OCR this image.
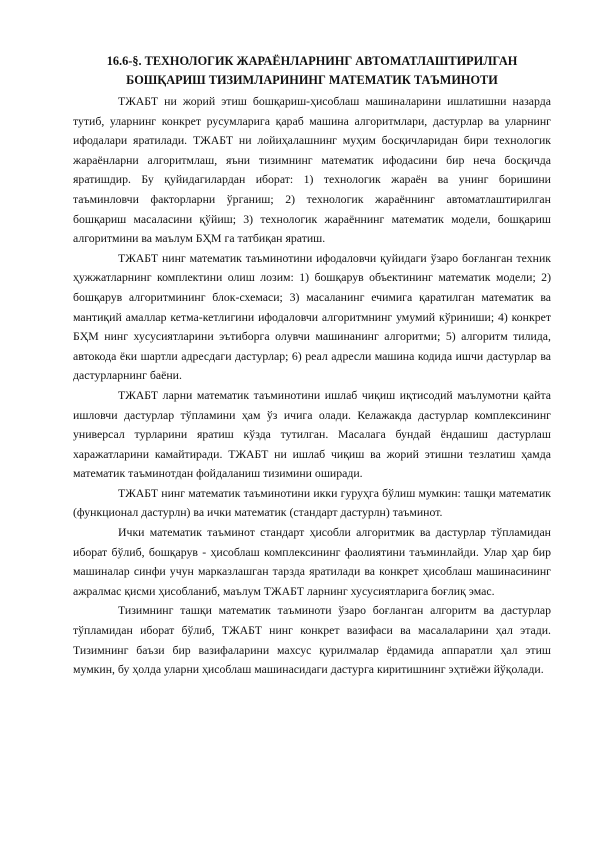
16.6-§. ТЕХНОЛОГИК ЖАРАЁНЛАРНИНГ АВТОМАТЛАШТИРИЛГАН
БОШҚАРИШ ТИЗИМЛАРИНИНГ МАТЕМАТИК ТАЪМИНОТИ

ТЖАБТ ни жорий этиш бошқариш-ҳисоблаш машиналарини ишлатишни назарда тутиб, уларнинг конкрет русумларига қараб машина алгоритмлари, дастурлар ва уларнинг ифодалари яратилади. ТЖАБТ ни лойиҳалашнинг муҳим босқичларидан бири технологик жараёнларни алгоритмлаш, яъни тизимнинг математик ифодасини бир неча босқичда яратишдир. Бу қуйидагилардан иборат: 1) технологик жараён ва унинг боришини таъминловчи факторларни ўрганиш; 2) технологик жараённинг автоматлаштирилган бошқариш масаласини қўйиш; 3) технологик жараённинг математик модели, бошқариш алгоритмини ва маълум БҲМ га татбиқан яратиш.

ТЖАБТ нинг математик таъминотини ифодаловчи қуйидаги ўзаро боғланган техник ҳужжатларнинг комплектини олиш лозим: 1) бошқарув объектининг математик модели; 2) бошқарув алгоритмининг блок-схемаси; 3) масаланинг ечимига қаратилган математик ва мантиқий амаллар кетма-кетлигини ифодаловчи алгоритмнинг умумий кўриниши; 4) конкрет БҲМ нинг хусусиятларини эътиборга олувчи машинанинг алгоритми; 5) алгоритм тилида, автокода ёки шартли адресдаги дастурлар; 6) реал адресли машина кодида ишчи дастурлар ва дастурларнинг баёни.

ТЖАБТ ларни математик таъминотини ишлаб чиқиш иқтисодий маълумотни қайта ишловчи дастурлар тўпламини ҳам ўз ичига олади. Келажакда дастурлар комплексининг универсал турларини яратиш кўзда тутилган. Масалага бундай ёндашиш дастурлаш харажатларини камайтиради. ТЖАБТ ни ишлаб чиқиш ва жорий этишни тезлатиш ҳамда математик таъминотдан фойдаланиш тизимини оширади.

ТЖАБТ нинг математик таъминотини икки гуруҳга бўлиш мумкин: ташқи математик (функционал дастурлн) ва ички математик (стандарт дастурлн) таъминот.

Ички математик таъминот стандарт ҳисобли алгоритмик ва дастурлар тўпламидан иборат бўлиб, бошқарув - ҳисоблаш комплексининг фаолиятини таъминлайди. Улар ҳар бир машиналар синфи учун марказлашган тарзда яратилади ва конкрет ҳисоблаш машинасининг ажралмас қисми ҳисобланиб, маълум ТЖАБТ ларнинг хусусиятларига боғлиқ эмас.

Тизимнинг ташқи математик таъминоти ўзаро боғланган алгоритм ва дастурлар тўпламидан иборат бўлиб, ТЖАБТ нинг конкрет вазифаси ва масалаларини ҳал этади. Тизимнинг баъзи бир вазифаларини махсус қурилмалар ёрдамида аппаратли ҳал этиш мумкин, бу ҳолда уларни ҳисоблаш машинасидаги дастурга киритишнинг эҳтиёжи йўқолади.
